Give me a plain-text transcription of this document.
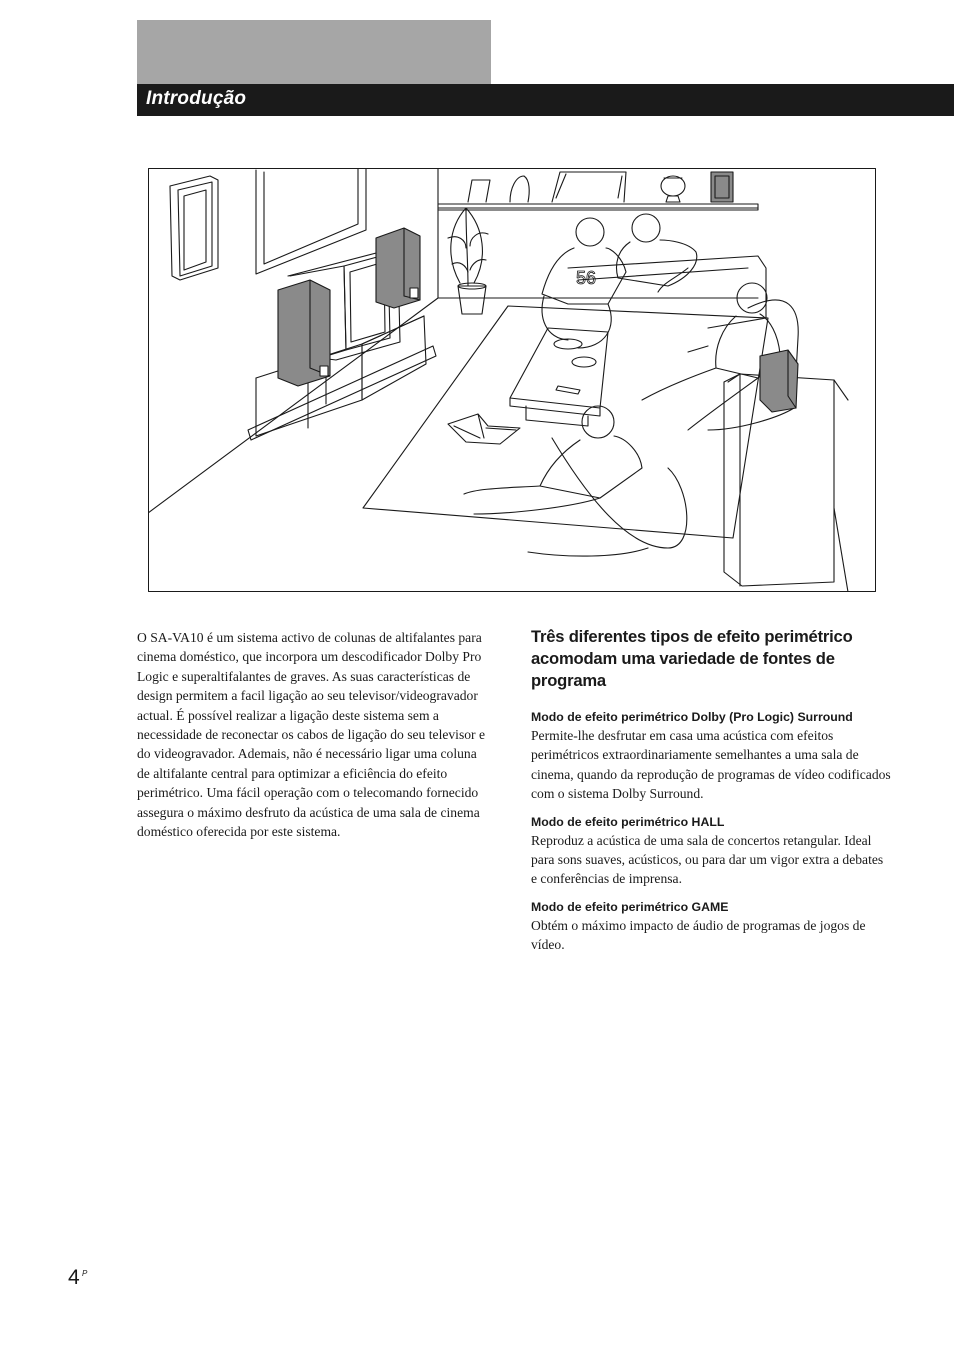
Introdução
56

O SA-VA10 é um sistema activo de colunas de altifalantes para cinema doméstico, que incorpora um descodificador Dolby Pro Logic e superaltifalantes de graves. As suas características de design permitem a facil ligação ao seu televisor/videogravador actual. É possível realizar a ligação deste sistema sem a necessidade de reconectar os cabos de ligação do seu televisor e do videogravador. Ademais, não é necessário ligar uma coluna de altifalante central para optimizar a eficiência do efeito perimétrico. Uma fácil operação com o telecomando fornecido assegura o máximo desfruto da acústica de uma sala de cinema doméstico oferecida por este sistema.

Três diferentes tipos de efeito perimétrico acomodam uma variedade de fontes de programa

Modo de efeito perimétrico Dolby (Pro Logic) Surround

Permite-lhe desfrutar em casa uma acústica com efeitos perimétricos extraordinariamente semelhantes a uma sala de cinema, quando da reprodução de programas de vídeo codificados com o sistema Dolby Surround.

Modo de efeito perimétrico HALL

Reproduz a acústica de uma sala de concertos retangular. Ideal para sons suaves, acústicos, ou para dar um vigor extra a debates e conferências de imprensa.

Modo de efeito perimétrico GAME

Obtém o máximo impacto de áudio de programas de jogos de vídeo.

4 P
